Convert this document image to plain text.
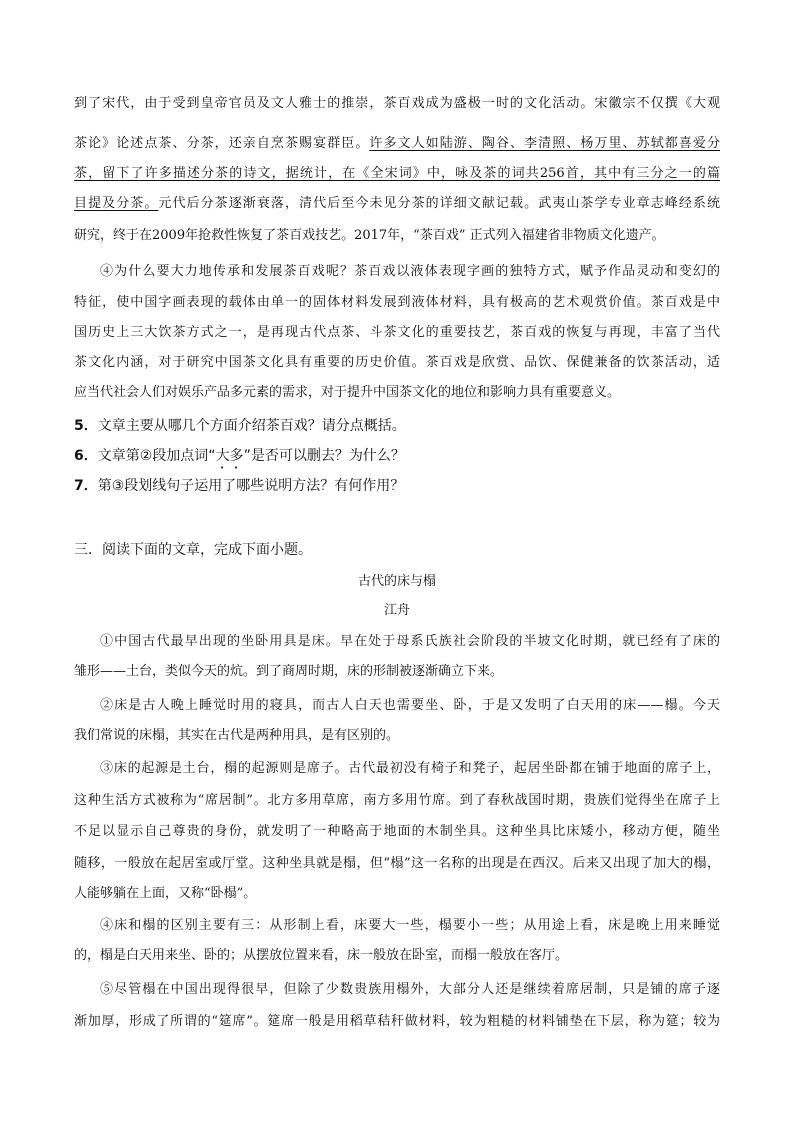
到了宋代，由于受到皇帝官员及文人雅士的推崇，茶百戏成为盛极一时的文化活动。宋徽宗不仅撰《大观
茶论》论述点茶、分茶，还亲自烹茶赐宴群臣。许多文人如陆游、陶谷、李清照、杨万里、苏轼都喜爱分
茶，留下了许多描述分茶的诗文，据统计，在《全宋词》中，咏及茶的词共256首，其中有三分之一的篇
目提及分茶。元代后分茶逐渐衰落，清代后至今未见分茶的详细文献记载。武夷山茶学专业章志峰经系统
研究，终于在2009年抢救性恢复了茶百戏技艺。2017年，“茶百戏” 正式列入福建省非物质文化遗产。
④为什么要大力地传承和发展茶百戏呢？茶百戏以液体表现字画的独特方式，赋予作品灵动和变幻的
特征，使中国字画表现的载体由单一的固体材料发展到液体材料，具有极高的艺术观赏价值。茶百戏是中
国历史上三大饮茶方式之一，是再现古代点茶、斗茶文化的重要技艺，茶百戏的恢复与再现，丰富了当代
茶文化内涵，对于研究中国茶文化具有重要的历史价值。茶百戏是欣赏、品饮、保健兼备的饮茶活动，适
应当代社会人们对娱乐产品多元素的需求，对于提升中国茶文化的地位和影响力具有重要意义。
5．文章主要从哪几个方面介绍茶百戏？请分点概括。
6．文章第②段加点词“大多”是否可以删去？为什么？
7．第③段划线句子运用了哪些说明方法？有何作用？
三．阅读下面的文章，完成下面小题。
古代的床与榻
江舟
①中国古代最早出现的坐卧用具是床。早在处于母系氏族社会阶段的半坡文化时期，就已经有了床的
雏形——土台，类似今天的炕。到了商周时期，床的形制被逐渐确立下来。
②床是古人晚上睡觉时用的寝具，而古人白天也需要坐、卧，于是又发明了白天用的床——榻。今天
我们常说的床榻，其实在古代是两种用具，是有区别的。
③床的起源是土台，榻的起源则是席子。古代最初没有椅子和凳子，起居坐卧都在铺于地面的席子上，
这种生活方式被称为“席居制”。北方多用草席，南方多用竹席。到了春秋战国时期，贵族们觉得坐在席子上
不足以显示自己尊贵的身份，就发明了一种略高于地面的木制坐具。这种坐具比床矮小，移动方便，随坐
随移，一般放在起居室或厅堂。这种坐具就是榻，但“榻”这一名称的出现是在西汉。后来又出现了加大的榻，
人能够躺在上面，又称“卧榻”。
④床和榻的区别主要有三：从形制上看，床要大一些，榻要小一些；从用途上看，床是晚上用来睡觉
的，榻是白天用来坐、卧的；从摆放位置来看，床一般放在卧室，而榻一般放在客厅。
⑤尽管榻在中国出现得很早，但除了少数贵族用榻外，大部分人还是继续着席居制，只是铺的席子逐
渐加厚，形成了所谓的“筵席”。筵席一般是用稻草秸秆做材料，较为粗糙的材料铺垫在下层，称为筵；较为
